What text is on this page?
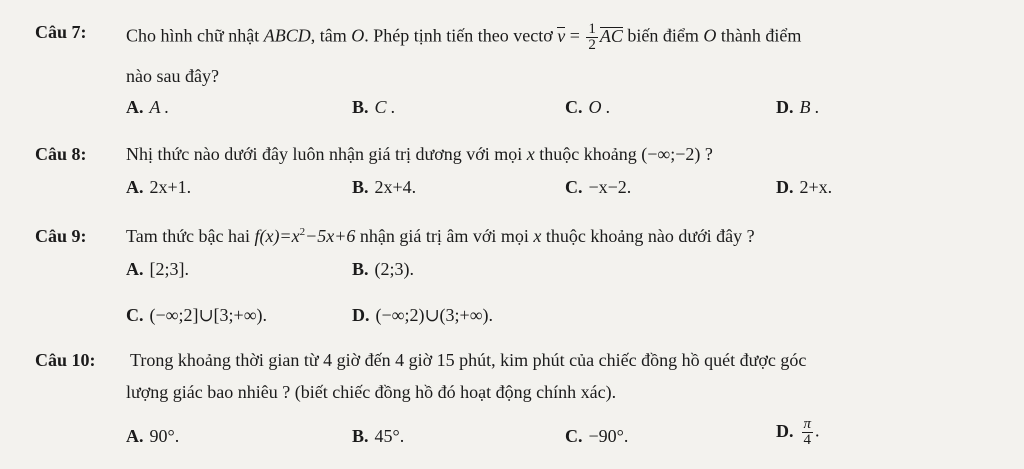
Câu 7: Cho hình chữ nhật ABCD, tâm O. Phép tịnh tiến theo vectơ $v = \frac{1}{2}$ AC biến điểm O thành điểm
nào sau đây?
A. A .	B. C .	C. O .	D. B .
Câu 8: Nhị thức nào dưới đây luôn nhận giá trị dương với mọi x thuộc khoảng (−∞;−2) ?
A. 2x+1.	B. 2x+4.	C. −x−2.	D. 2+x.
Câu 9: Tam thức bậc hai $f(x)=x^2-5x+6$ nhận giá trị âm với mọi x thuộc khoảng nào dưới đây ?
A. [2;3].	B. (2;3).
C. (−∞;2]∪[3;+∞).	D. (−∞;2)∪(3;+∞).
Câu 10: Trong khoảng thời gian từ 4 giờ đến 4 giờ 15 phút, kim phút của chiếc đồng hồ quét được góc
lượng giác bao nhiêu ? (biết chiếc đồng hồ đó hoạt động chính xác).
A. 90°.	B. 45°.	C. −90°.	D. $\frac{\pi}{4}$ .
